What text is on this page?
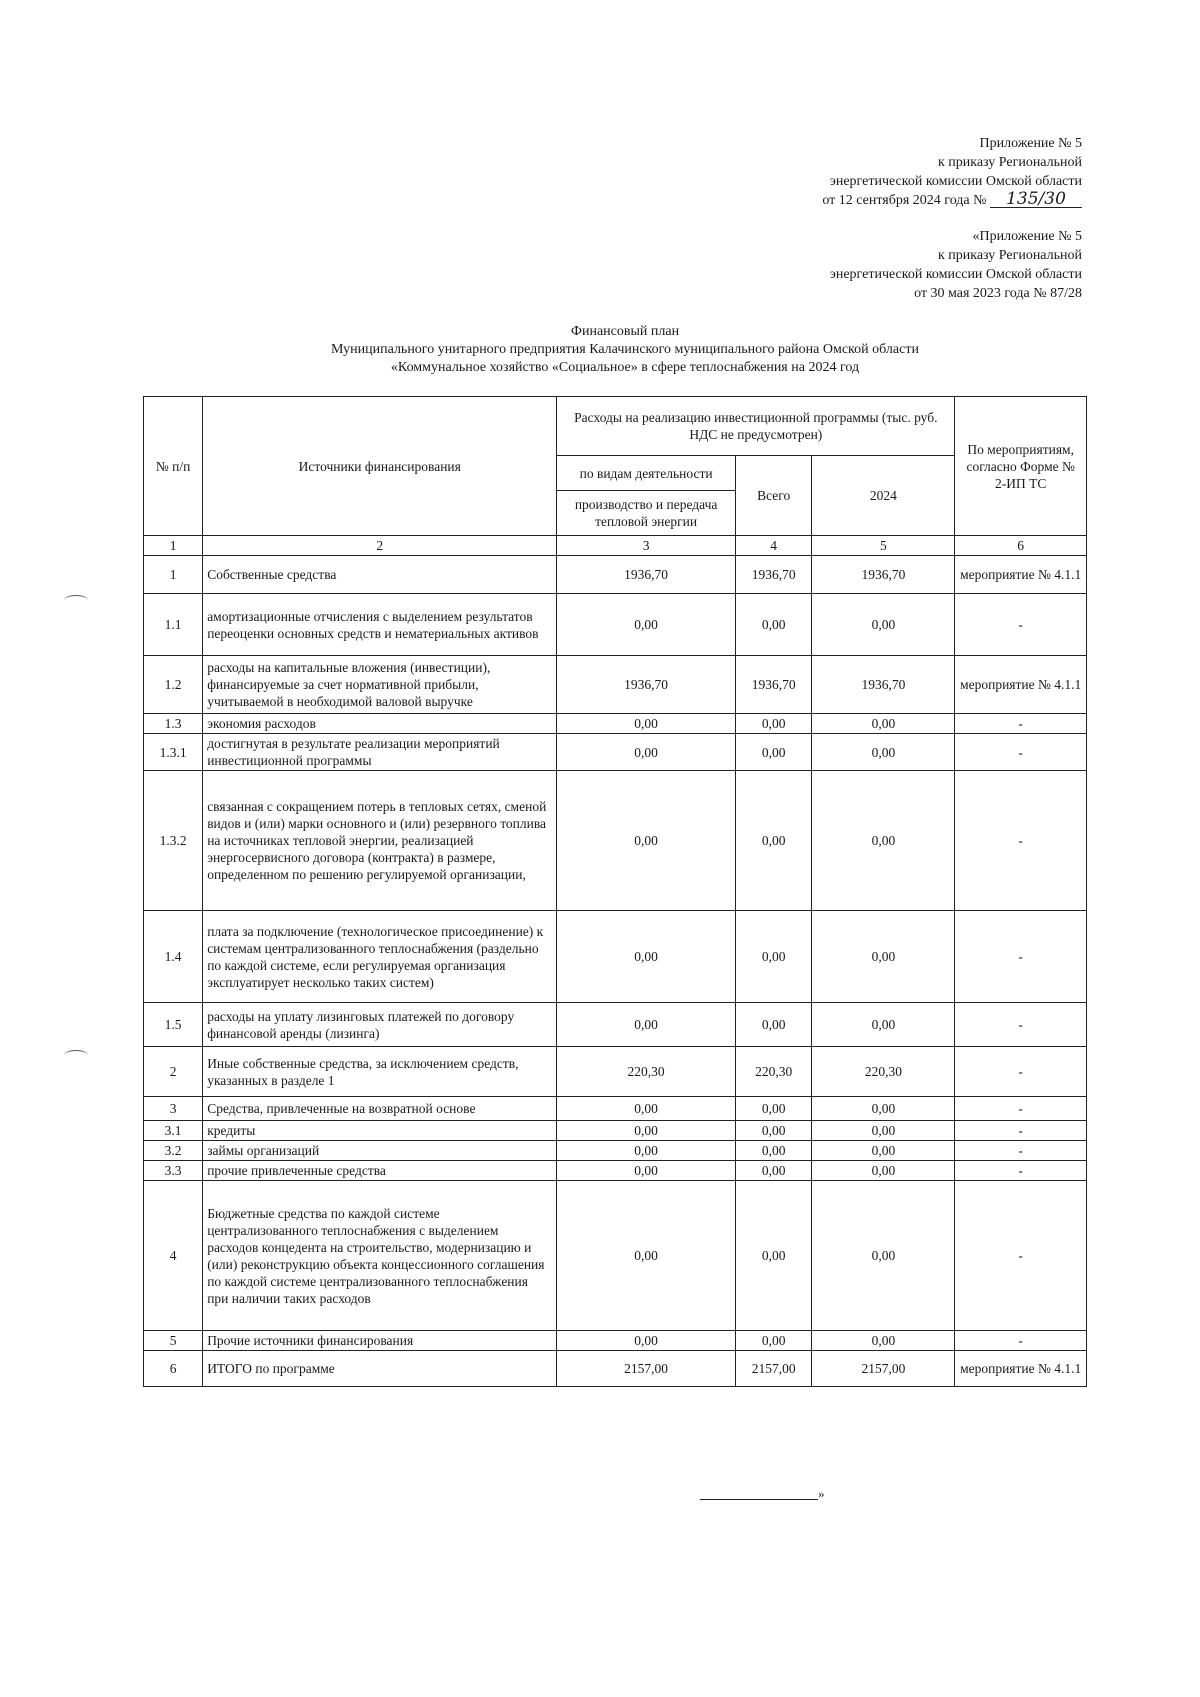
Приложение № 5
к приказу Региональной
энергетической комиссии Омской области
от 12 сентября 2024 года № 135/30
«Приложение № 5
к приказу Региональной
энергетической комиссии Омской области
от 30 мая 2023 года № 87/28
Финансовый план
Муниципального унитарного предприятия Калачинского муниципального района Омской области
«Коммунальное хозяйство «Социальное» в сфере теплоснабжения на 2024 год
№ п/п	Источники финансирования	Расходы на реализацию инвестиционной программы (тыс. руб. НДС не предусмотрен)			По мероприятиям, согласно Форме № 2-ИП ТС
		по видам деятельности	Всего	2024	
		производство и передача тепловой энергии			
1	2	3	4	5	6
1	Собственные средства	1936,70	1936,70	1936,70	мероприятие № 4.1.1
1.1	амортизационные отчисления с выделением результатов переоценки основных средств и нематериальных активов	0,00	0,00	0,00	-
1.2	расходы на капитальные вложения (инвестиции), финансируемые за счет нормативной прибыли, учитываемой в необходимой валовой выручке	1936,70	1936,70	1936,70	мероприятие № 4.1.1
1.3	экономия расходов	0,00	0,00	0,00	-
1.3.1	достигнутая в результате реализации мероприятий инвестиционной программы	0,00	0,00	0,00	-
1.3.2	связанная с сокращением потерь в тепловых сетях, сменой видов и (или) марки основного и (или) резервного топлива на источниках тепловой энергии, реализацией энергосервисного договора (контракта) в размере, определенном по решению регулируемой организации,	0,00	0,00	0,00	-
1.4	плата за подключение (технологическое присоединение) к системам централизованного теплоснабжения (раздельно по каждой системе, если регулируемая организация эксплуатирует несколько таких систем)	0,00	0,00	0,00	-
1.5	расходы на уплату лизинговых платежей по договору финансовой аренды (лизинга)	0,00	0,00	0,00	-
2	Иные собственные средства, за исключением средств, указанных в разделе 1	220,30	220,30	220,30	-
3	Средства, привлеченные на возвратной основе	0,00	0,00	0,00	-
3.1	кредиты	0,00	0,00	0,00	-
3.2	займы организаций	0,00	0,00	0,00	-
3.3	прочие привлеченные средства	0,00	0,00	0,00	-
4	Бюджетные средства по каждой системе централизованного теплоснабжения с выделением расходов концедента на строительство, модернизацию и (или) реконструкцию объекта концессионного соглашения по каждой системе централизованного теплоснабжения при наличии таких расходов	0,00	0,00	0,00	-
5	Прочие источники финансирования	0,00	0,00	0,00	-
6	ИТОГО по программе	2157,00	2157,00	2157,00	мероприятие № 4.1.1
»
